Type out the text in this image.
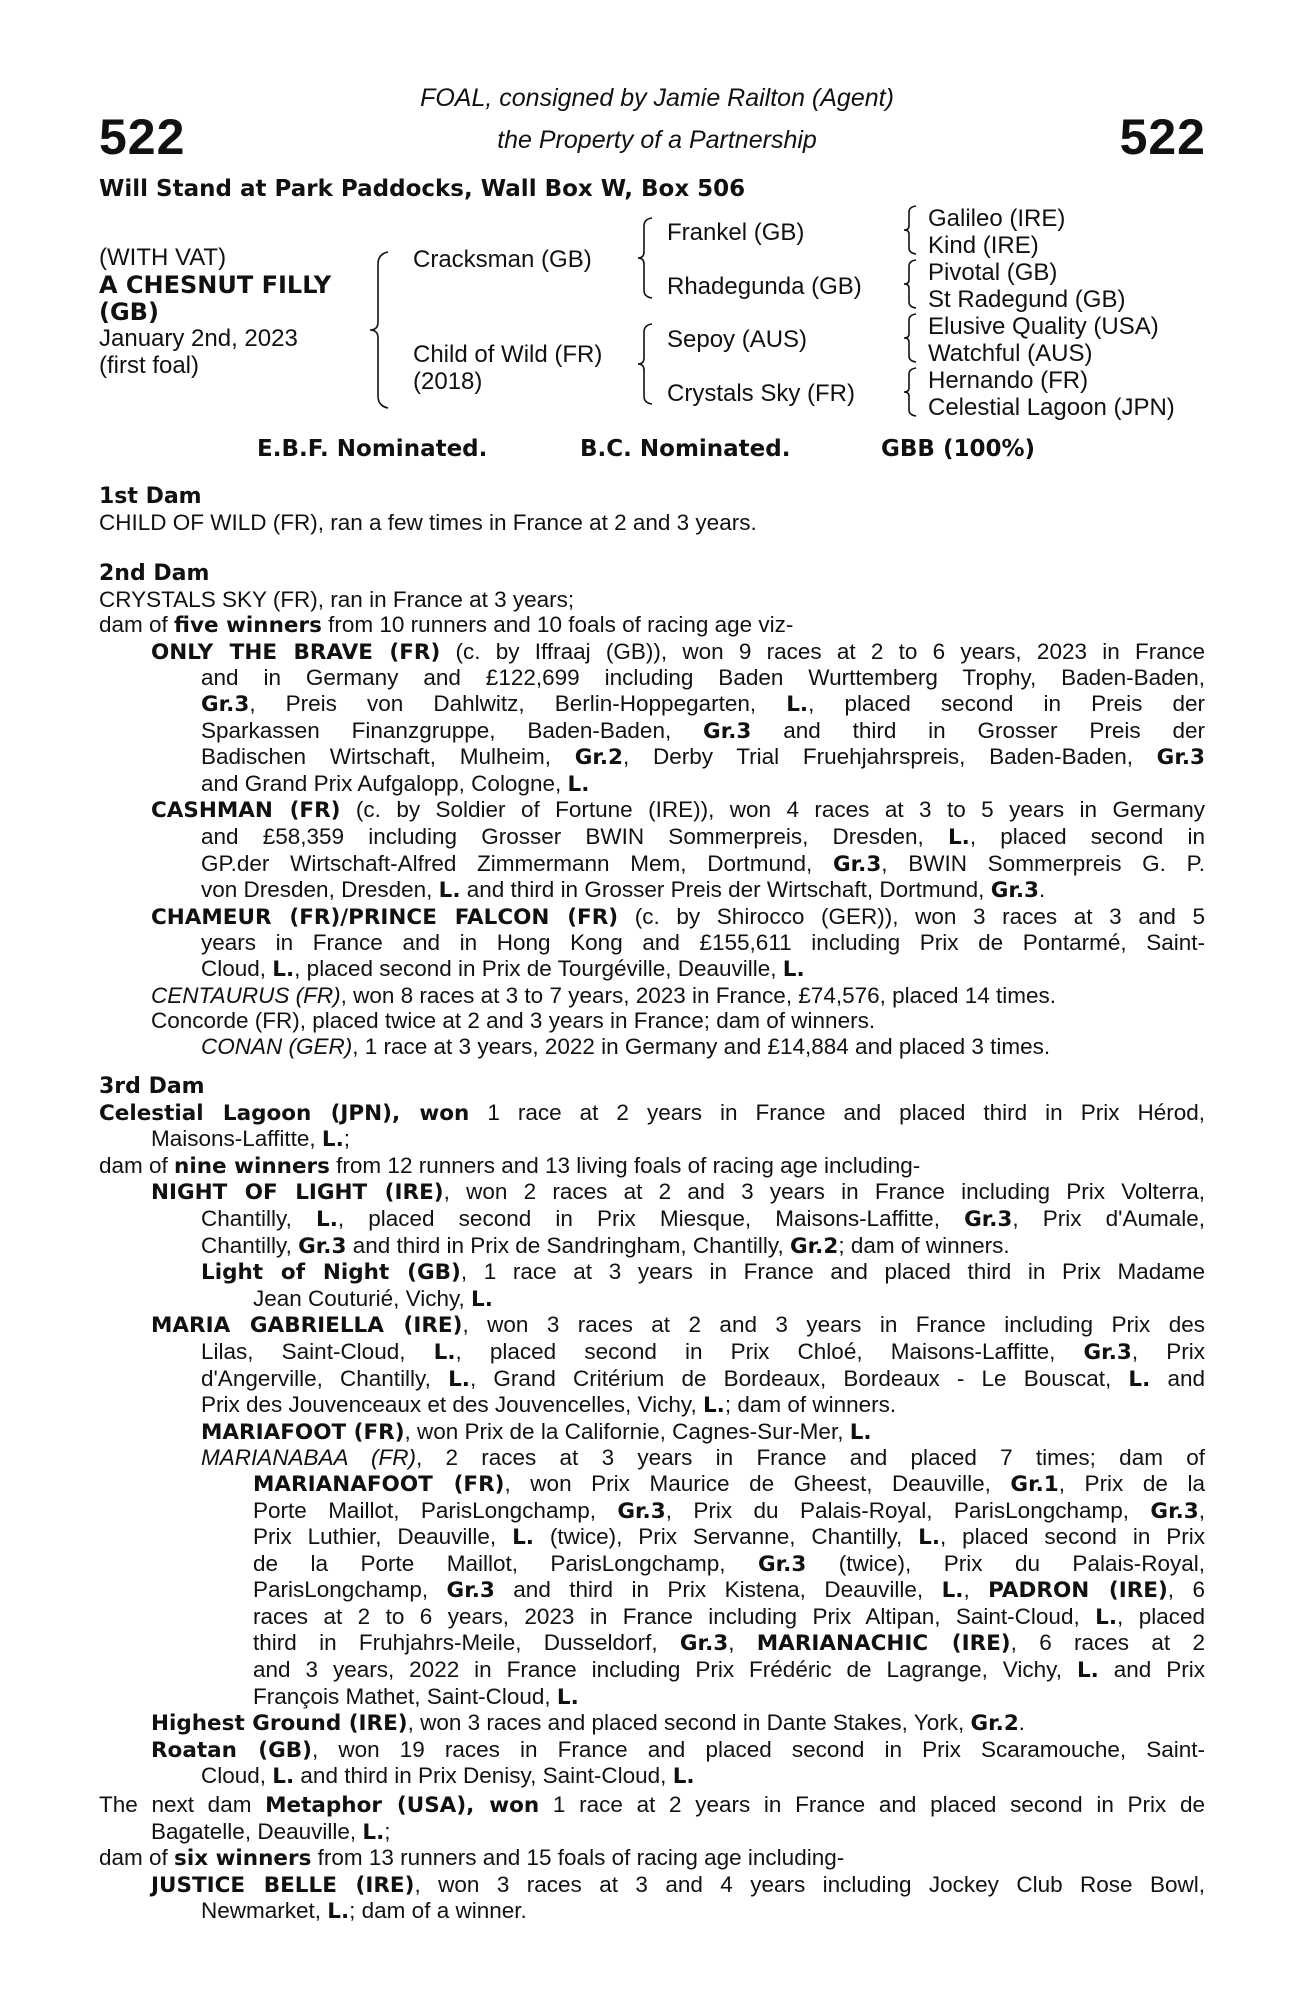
522	522
FOAL, consigned by Jamie Railton (Agent)
the Property of a Partnership
Will Stand at Park Paddocks, Wall Box W, Box 506
(WITH VAT)
A CHESNUT FILLY
(GB)
January 2nd, 2023
(first foal)
Cracksman (GB)
Child of Wild (FR)
(2018)
Frankel (GB)
Rhadegunda (GB)
Sepoy (AUS)
Crystals Sky (FR)
Galileo (IRE)
Kind (IRE)
Pivotal (GB)
St Radegund (GB)
Elusive Quality (USA)
Watchful (AUS)
Hernando (FR)
Celestial Lagoon (JPN)
E.B.F. Nominated.	B.C. Nominated.	GBB (100%)
1st Dam
CHILD OF WILD (FR), ran a few times in France at 2 and 3 years.
2nd Dam
CRYSTALS SKY (FR), ran in France at 3 years;
dam of five winners from 10 runners and 10 foals of racing age viz-
ONLY THE BRAVE (FR) (c. by Iffraaj (GB)), won 9 races at 2 to 6 years, 2023 in France
and in Germany and £122,699 including Baden Wurttemberg Trophy, Baden-Baden,
Gr.3, Preis von Dahlwitz, Berlin-Hoppegarten, L., placed second in Preis der
Sparkassen Finanzgruppe, Baden-Baden, Gr.3 and third in Grosser Preis der
Badischen Wirtschaft, Mulheim, Gr.2, Derby Trial Fruehjahrspreis, Baden-Baden, Gr.3
and Grand Prix Aufgalopp, Cologne, L.
CASHMAN (FR) (c. by Soldier of Fortune (IRE)), won 4 races at 3 to 5 years in Germany
and £58,359 including Grosser BWIN Sommerpreis, Dresden, L., placed second in
GP.der Wirtschaft-Alfred Zimmermann Mem, Dortmund, Gr.3, BWIN Sommerpreis G. P.
von Dresden, Dresden, L. and third in Grosser Preis der Wirtschaft, Dortmund, Gr.3.
CHAMEUR (FR)/PRINCE FALCON (FR) (c. by Shirocco (GER)), won 3 races at 3 and 5
years in France and in Hong Kong and £155,611 including Prix de Pontarmé, Saint-
Cloud, L., placed second in Prix de Tourgéville, Deauville, L.
CENTAURUS (FR), won 8 races at 3 to 7 years, 2023 in France, £74,576, placed 14 times.
Concorde (FR), placed twice at 2 and 3 years in France; dam of winners.
CONAN (GER), 1 race at 3 years, 2022 in Germany and £14,884 and placed 3 times.
3rd Dam
Celestial Lagoon (JPN), won 1 race at 2 years in France and placed third in Prix Hérod,
Maisons-Laffitte, L.;
dam of nine winners from 12 runners and 13 living foals of racing age including-
NIGHT OF LIGHT (IRE), won 2 races at 2 and 3 years in France including Prix Volterra,
Chantilly, L., placed second in Prix Miesque, Maisons-Laffitte, Gr.3, Prix d'Aumale,
Chantilly, Gr.3 and third in Prix de Sandringham, Chantilly, Gr.2; dam of winners.
Light of Night (GB), 1 race at 3 years in France and placed third in Prix Madame
Jean Couturié, Vichy, L.
MARIA GABRIELLA (IRE), won 3 races at 2 and 3 years in France including Prix des
Lilas, Saint-Cloud, L., placed second in Prix Chloé, Maisons-Laffitte, Gr.3, Prix
d'Angerville, Chantilly, L., Grand Critérium de Bordeaux, Bordeaux - Le Bouscat, L. and
Prix des Jouvenceaux et des Jouvencelles, Vichy, L.; dam of winners.
MARIAFOOT (FR), won Prix de la Californie, Cagnes-Sur-Mer, L.
MARIANABAA (FR), 2 races at 3 years in France and placed 7 times; dam of
MARIANAFOOT (FR), won Prix Maurice de Gheest, Deauville, Gr.1, Prix de la
Porte Maillot, ParisLongchamp, Gr.3, Prix du Palais-Royal, ParisLongchamp, Gr.3,
Prix Luthier, Deauville, L. (twice), Prix Servanne, Chantilly, L., placed second in Prix
de la Porte Maillot, ParisLongchamp, Gr.3 (twice), Prix du Palais-Royal,
ParisLongchamp, Gr.3 and third in Prix Kistena, Deauville, L., PADRON (IRE), 6
races at 2 to 6 years, 2023 in France including Prix Altipan, Saint-Cloud, L., placed
third in Fruhjahrs-Meile, Dusseldorf, Gr.3, MARIANACHIC (IRE), 6 races at 2
and 3 years, 2022 in France including Prix Frédéric de Lagrange, Vichy, L. and Prix
François Mathet, Saint-Cloud, L.
Highest Ground (IRE), won 3 races and placed second in Dante Stakes, York, Gr.2.
Roatan (GB), won 19 races in France and placed second in Prix Scaramouche, Saint-
Cloud, L. and third in Prix Denisy, Saint-Cloud, L.
The next dam Metaphor (USA), won 1 race at 2 years in France and placed second in Prix de
Bagatelle, Deauville, L.;
dam of six winners from 13 runners and 15 foals of racing age including-
JUSTICE BELLE (IRE), won 3 races at 3 and 4 years including Jockey Club Rose Bowl,
Newmarket, L.; dam of a winner.
